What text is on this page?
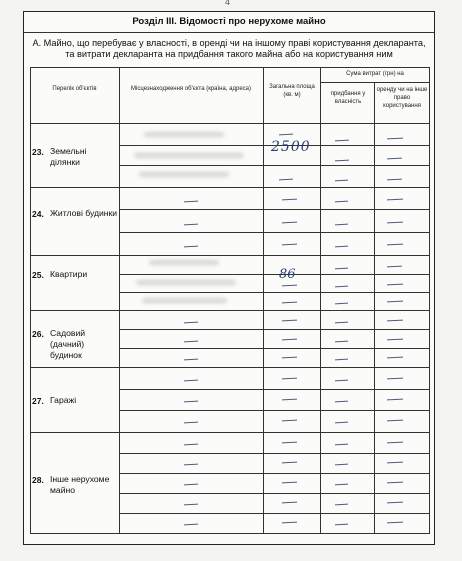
4
Розділ ІІІ. Відомості про нерухоме майно
А. Майно, що перебуває у власності, в оренді чи на іншому праві користування декларанта,
та витрати декларанта на придбання такого майна або на користування ним
Перелік об'єктів	Місцезнаходження об'єкта (країна, адреса)	Загальна площа (кв. м)
Сума витрат (грн) на
придбання у власність
оренду чи на інше право користування
23. Земельні ділянки
24. Житлові будинки
25. Квартири
26. Садовий (дачний) будинок
27. Гаражі
28. Інше нерухоме майно
2500
86
